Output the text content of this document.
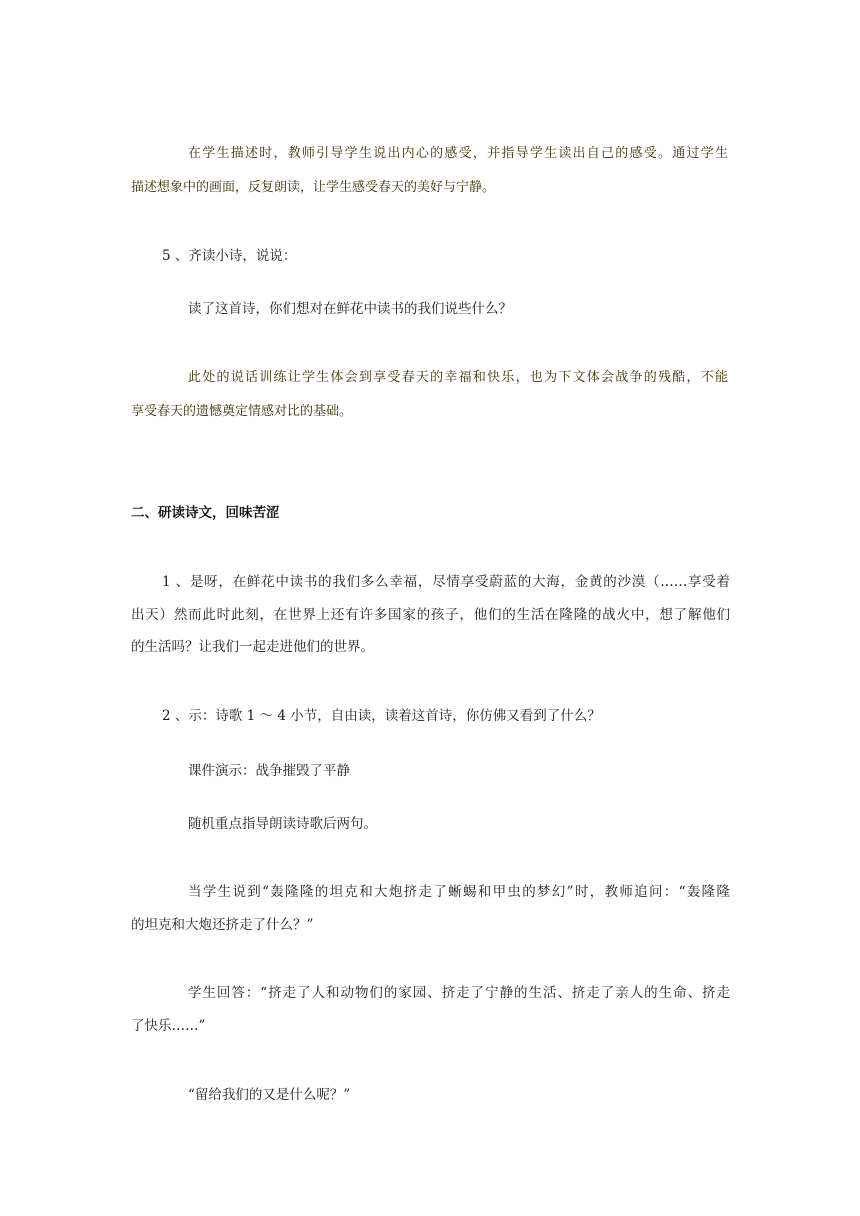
在学生描述时，教师引导学生说出内心的感受，并指导学生读出自己的感受。通过学生
描述想象中的画面，反复朗读，让学生感受春天的美好与宁静。
5 、齐读小诗，说说：
读了这首诗，你们想对在鲜花中读书的我们说些什么？
此处的说话训练让学生体会到享受春天的幸福和快乐，也为下文体会战争的残酷，不能
享受春天的遗憾奠定情感对比的基础。
二、研读诗文，回味苦涩
1 、是呀，在鲜花中读书的我们多么幸福，尽情享受蔚蓝的大海，金黄的沙漠（……享受着
出天）然而此时此刻，在世界上还有许多国家的孩子，他们的生活在隆隆的战火中，想了解他们
的生活吗？让我们一起走进他们的世界。
2 、示：诗歌 1 ～ 4 小节，自由读，读着这首诗，你仿佛又看到了什么？
课件演示：战争摧毁了平静
随机重点指导朗读诗歌后两句。
当学生说到“轰隆隆的坦克和大炮挤走了蜥蜴和甲虫的梦幻”时，教师追问：“轰隆隆
的坦克和大炮还挤走了什么？”
学生回答：“挤走了人和动物们的家园、挤走了宁静的生活、挤走了亲人的生命、挤走
了快乐……”
“留给我们的又是什么呢？”
